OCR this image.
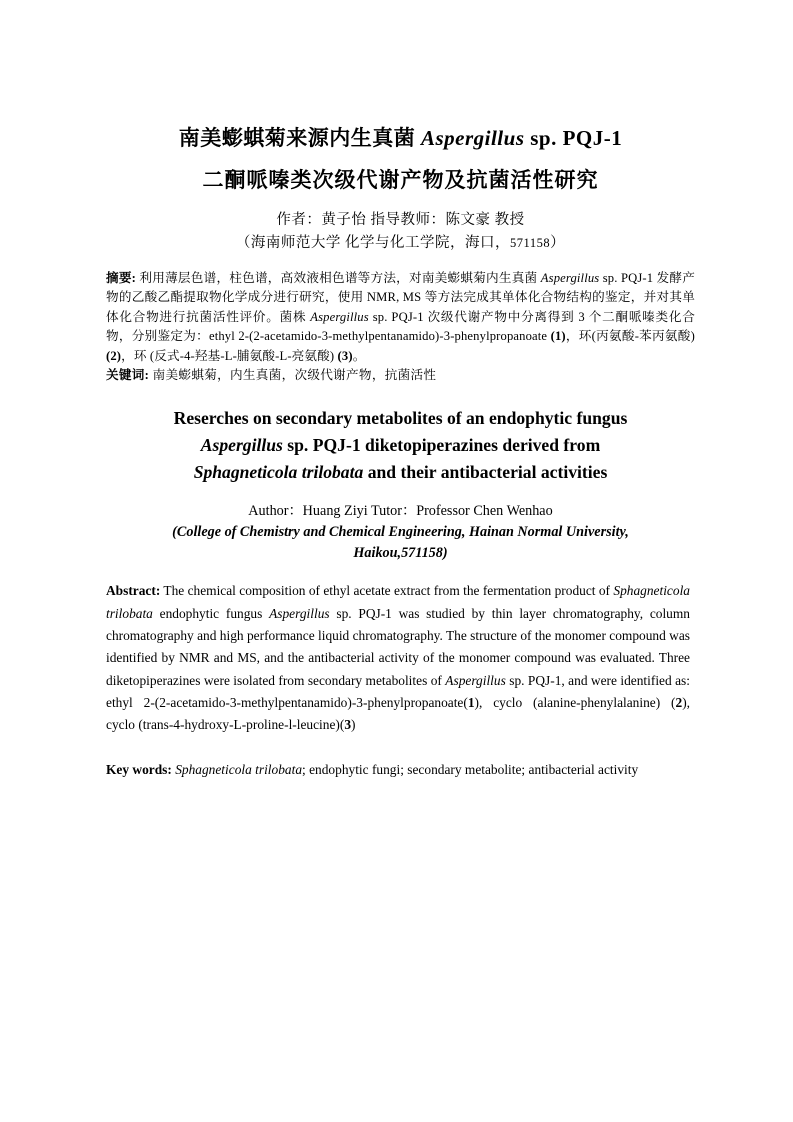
南美蟛蜞菊来源内生真菌 Aspergillus sp. PQJ-1
二酮哌嗪类次级代谢产物及抗菌活性研究
作者：黄子怡 指导教师：陈文豪 教授
（海南师范大学 化学与化工学院，海口，571158）
摘要: 利用薄层色谱，柱色谱，高效液相色谱等方法，对南美蟛蜞菊内生真菌 Aspergillus sp. PQJ-1 发酵产物的乙酸乙酯提取物化学成分进行研究，使用 NMR, MS 等方法完成其单体化合物结构的鉴定，并对其单体化合物进行抗菌活性评价。菌株 Aspergillus sp. PQJ-1 次级代谢产物中分离得到 3 个二酮哌嗪类化合物，分别鉴定为：ethyl 2-(2-acetamido-3-methylpentanamido)-3-phenylpropanoate (1)，环(丙氨酸-苯丙氨酸) (2)，环 (反式-4-羟基-L-脯氨酸-L-亮氨酸) (3)。
关键词: 南美蟛蜞菊，内生真菌，次级代谢产物，抗菌活性
Reserches on secondary metabolites of an endophytic fungus
Aspergillus sp. PQJ-1 diketopiperazines derived from
Sphagneticola trilobata and their antibacterial activities
Author：Huang Ziyi Tutor：Professor Chen Wenhao
(College of Chemistry and Chemical Engineering, Hainan Normal University,
Haikou,571158)
Abstract: The chemical composition of ethyl acetate extract from the fermentation product of Sphagneticola trilobata endophytic fungus Aspergillus sp. PQJ-1 was studied by thin layer chromatography, column chromatography and high performance liquid chromatography. The structure of the monomer compound was identified by NMR and MS, and the antibacterial activity of the monomer compound was evaluated. Three diketopiperazines were isolated from secondary metabolites of Aspergillus sp. PQJ-1, and were identified as: ethyl 2-(2-acetamido-3-methylpentanamido)-3-phenylpropanoate(1), cyclo (alanine-phenylalanine) (2), cyclo (trans-4-hydroxy-L-proline-l-leucine)(3)
Key words: Sphagneticola trilobata; endophytic fungi; secondary metabolite; antibacterial activity
